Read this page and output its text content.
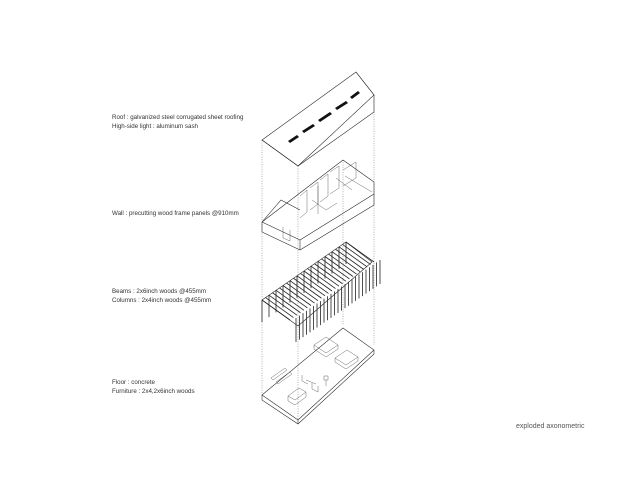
Roof : galvanized steel corrugated sheet roofing
High-side light : aluminum sash
Wall : precutting wood frame panels @910mm
Beams : 2x6inch woods @455mm
Columns : 2x4inch woods @455mm
Floor : concrete
Furniture : 2x4,2x6inch woods
exploded axonometric
